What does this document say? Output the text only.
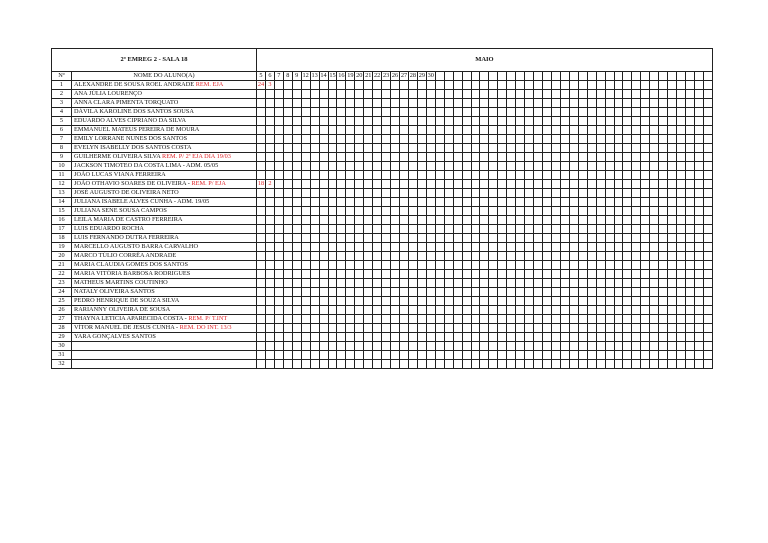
2º EMREG 2 - SALA 18		MAIO																																																		
Nº	NOME DO ALUNO(A)	5	6	7	8	9	12	13	14	15	16	19	20	21	22	23	26	27	28	29	30																															
1	ALEXANDRE DE SOUSA ROEL ANDRADE REM. EJA	24	3																																																	
2	ANA JÚLIA LOURENÇO																																																			
3	ANNA CLARA PIMENTA TORQUATO																																																			
4	DÁVILA KAROLINE DOS SANTOS SOUSA																																																			
5	EDUARDO ALVES CIPRIANO DA SILVA																																																			
6	EMMANUEL MATEUS PEREIRA DE MOURA																																																			
7	EMILY LORRANE NUNES DOS SANTOS																																																			
8	EVELYN ISABELLY DOS SANTOS COSTA																																																			
9	GUILHERME OLIVEIRA SILVA REM. P/ 2ª EJA DIA 19/03																																																			
10	JACKSON TIMOTEO DA COSTA LIMA - ADM. 05/05																																																			
11	JOÃO LUCAS VIANA FERREIRA																																																			
12	JOÃO OTHAVIO SOARES DE OLIVEIRA - REM. P/ EJA	18	2																																																	
13	JOSÉ AUGUSTO DE OLIVEIRA NETO																																																			
14	JULIANA ISABELE ALVES CUNHA - ADM. 19/05																																																			
15	JULIANA SENE SOUSA CAMPOS																																																			
16	LEILA MARIA DE CASTRO FERREIRA																																																			
17	LUIS EDUARDO ROCHA																																																			
18	LUIS FERNANDO DUTRA FERREIRA																																																			
19	MARCELLO AUGUSTO BARRA CARVALHO																																																			
20	MARCO TÚLIO CORRÊA ANDRADE																																																			
21	MARIA CLAUDIA GOMES DOS SANTOS																																																			
22	MARIA VITÓRIA BARBOSA RODRIGUES																																																			
23	MATHEUS MARTINS COUTINHO																																																			
24	NATALY OLIVEIRA SANTOS																																																			
25	PEDRO HENRIQUE DE SOUZA SILVA																																																			
26	RARIANNY OLIVEIRA DE SOUSA																																																			
27	THAYNA LETICIA APARECIDA COSTA - REM. P/ T.INT																																																			
28	VÍTOR MANUEL DE JESUS CUNHA - REM. DO INT. 13/3																																																			
29	YARA GONÇALVES SANTOS																																																			
30																																																				
31																																																				
32																																																				
